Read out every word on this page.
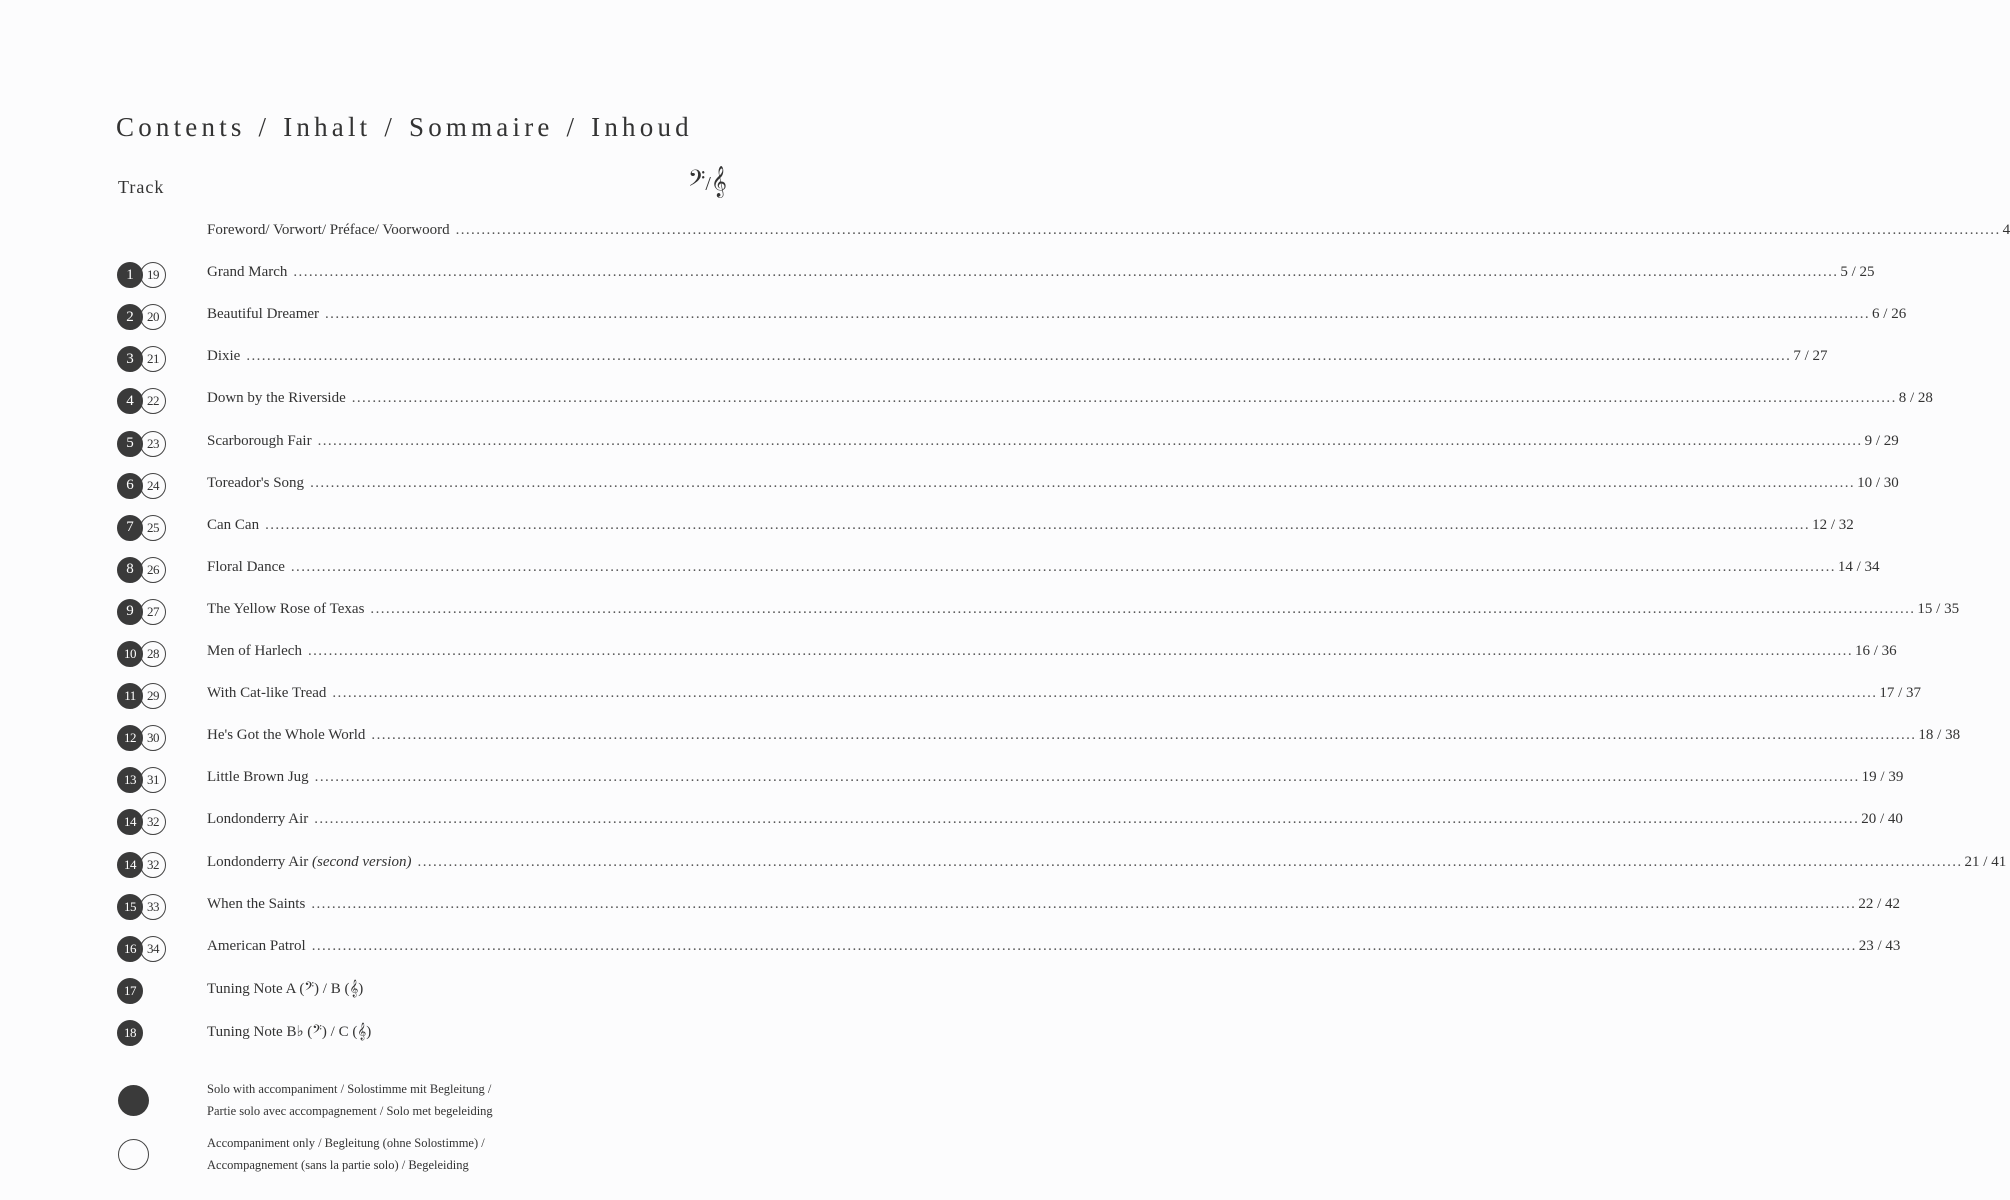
Contents / Inhalt / Sommaire / Inhoud
Track	𝄢/𝄞
Foreword/ Vorwort/ Préface/ Voorwoord ............................................................................................................................................................................................................................................................................................................ 4
1	19	Grand March ............................................................................................................................................................................................................................................................................................................ 5 / 25
2	20	Beautiful Dreamer ............................................................................................................................................................................................................................................................................................................ 6 / 26
3	21	Dixie ............................................................................................................................................................................................................................................................................................................ 7 / 27
4	22	Down by the Riverside ............................................................................................................................................................................................................................................................................................................ 8 / 28
5	23	Scarborough Fair ............................................................................................................................................................................................................................................................................................................ 9 / 29
6	24	Toreador's Song ............................................................................................................................................................................................................................................................................................................ 10 / 30
7	25	Can Can ............................................................................................................................................................................................................................................................................................................ 12 / 32
8	26	Floral Dance ............................................................................................................................................................................................................................................................................................................ 14 / 34
9	27	The Yellow Rose of Texas ............................................................................................................................................................................................................................................................................................................ 15 / 35
10 28	Men of Harlech ............................................................................................................................................................................................................................................................................................................ 16 / 36
11 29	With Cat-like Tread ............................................................................................................................................................................................................................................................................................................ 17 / 37
12 30	He's Got the Whole World ............................................................................................................................................................................................................................................................................................................ 18 / 38
13 31	Little Brown Jug ............................................................................................................................................................................................................................................................................................................ 19 / 39
14 32	Londonderry Air ............................................................................................................................................................................................................................................................................................................ 20 / 40
14 32	Londonderry Air (second version) ............................................................................................................................................................................................................................................................................................................ 21 / 41
15 33	When the Saints ............................................................................................................................................................................................................................................................................................................ 22 / 42
16 34	American Patrol ............................................................................................................................................................................................................................................................................................................ 23 / 43
17	Tuning Note A (𝄢) / B (𝄞)
18	Tuning Note B♭ (𝄢) / C (𝄞)
Solo with accompaniment / Solostimme mit Begleitung /
Partie solo avec accompagnement / Solo met begeleiding
Accompaniment only / Begleitung (ohne Solostimme) /
Accompagnement (sans la partie solo) / Begeleiding
